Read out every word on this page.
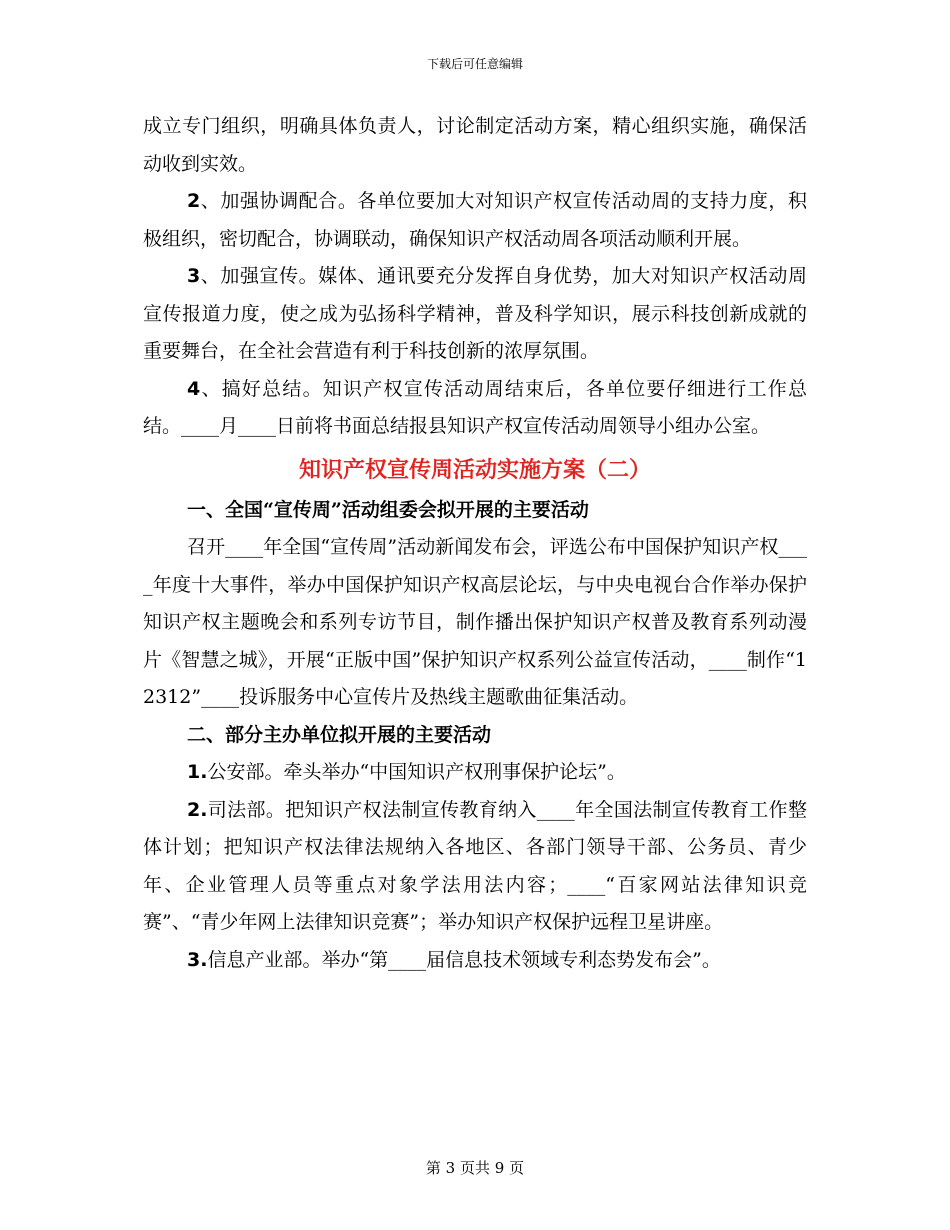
下载后可任意编辑

成立专门组织，明确具体负责人，讨论制定活动方案，精心组织实施，确保活动收到实效。

2、加强协调配合。各单位要加大对知识产权宣传活动周的支持力度，积极组织，密切配合，协调联动，确保知识产权活动周各项活动顺利开展。

3、加强宣传。媒体、通讯要充分发挥自身优势，加大对知识产权活动周宣传报道力度，使之成为弘扬科学精神，普及科学知识，展示科技创新成就的重要舞台，在全社会营造有利于科技创新的浓厚氛围。

4、搞好总结。知识产权宣传活动周结束后，各单位要仔细进行工作总结。____月____日前将书面总结报县知识产权宣传活动周领导小组办公室。

知识产权宣传周活动实施方案（二）

一、全国“宣传周”活动组委会拟开展的主要活动

召开____年全国“宣传周”活动新闻发布会，评选公布中国保护知识产权____年度十大事件，举办中国保护知识产权高层论坛，与中央电视台合作举办保护知识产权主题晚会和系列专访节目，制作播出保护知识产权普及教育系列动漫片《智慧之城》，开展“正版中国”保护知识产权系列公益宣传活动，____制作“12312”____投诉服务中心宣传片及热线主题歌曲征集活动。

二、部分主办单位拟开展的主要活动

1.公安部。牵头举办“中国知识产权刑事保护论坛”。

2.司法部。把知识产权法制宣传教育纳入____年全国法制宣传教育工作整体计划；把知识产权法律法规纳入各地区、各部门领导干部、公务员、青少年、企业管理人员等重点对象学法用法内容；____“百家网站法律知识竞赛”、“青少年网上法律知识竞赛”；举办知识产权保护远程卫星讲座。

3.信息产业部。举办“第____届信息技术领域专利态势发布会”。

第 3 页共 9 页
